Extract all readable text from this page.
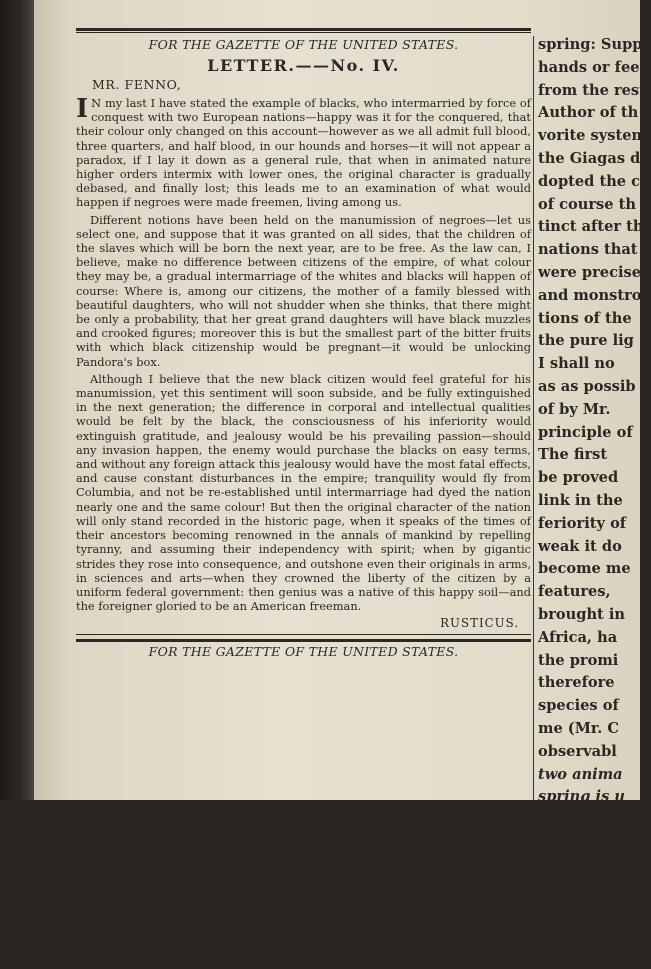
FOR THE GAZETTE OF THE UNITED STATES.
LETTER.——No. IV.
MR. FENNO,

I N my last I have stated the example of blacks, who intermarried by force of conquest with two European nations—happy was it for the conquered, that their colour only changed on this account—however as we all admit full blood, three quarters, and half blood, in our hounds and horses—it will not appear a paradox, if I lay it down as a general rule, that when in animated nature higher orders intermix with lower ones, the original character is gradually debased, and finally lost; this leads me to an examination of what would happen if negroes were made freemen, living among us.

Different notions have been held on the manumission of negroes—let us select one, and suppose that it was granted on all sides, that the children of the slaves which will be born the next year, are to be free. As the law can, I believe, make no difference between citizens of the empire, of what colour they may be, a gradual intermarriage of the whites and blacks will happen of course: Where is, among our citizens, the mother of a family blessed with beautiful daughters, who will not shudder when she thinks, that there might be only a probability, that her great grand daughters will have black muzzles and crooked figures; moreover this is but the smallest part of the bitter fruits with which black citizenship would be pregnant—it would be unlocking Pandora's box.

Although I believe that the new black citizen would feel grateful for his manumission, yet this sentiment will soon subside, and be fully extinguished in the next generation; the difference in corporal and intellectual qualities would be felt by the black, the consciousness of his inferiority would extinguish gratitude, and jealousy would be his prevailing passion—should any invasion happen, the enemy would purchase the blacks on easy terms, and without any foreign attack this jealousy would have the most fatal effects, and cause constant disturbances in the empire; tranquility would fly from Columbia, and not be re-established until intermarriage had dyed the nation nearly one and the same colour! But then the original character of the nation will only stand recorded in the historic page, when it speaks of the times of their ancestors becoming renowned in the annals of mankind by repelling tyranny, and assuming their independency with spirit; when by gigantic strides they rose into consequence, and outshone even their originals in arms, in sciences and arts—when they crowned the liberty of the citizen by a uniform federal government: then genius was a native of this happy soil—and the foreigner gloried to be an American freeman.

RUSTICUS.
FOR THE GAZETTE OF THE UNITED STATES.
spring: Supp
hands or feet,
from the rest
Author of th
vorite system
the Giagas d
dopted the c
of course th
tinct after th
nations that
were precise
and monstro
tions of the
the pure lig
I shall no
as as possib
of by Mr.
principle of
The first
be proved
link in the
feriority of
weak it do
become me
features,
brought in
Africa, ha
the promi
therefore
species of
me (Mr. C
observabl
two anima
spring is u
admirable
ved distin
of the hu
the first fe
The mula
cies as ha
them, ha
